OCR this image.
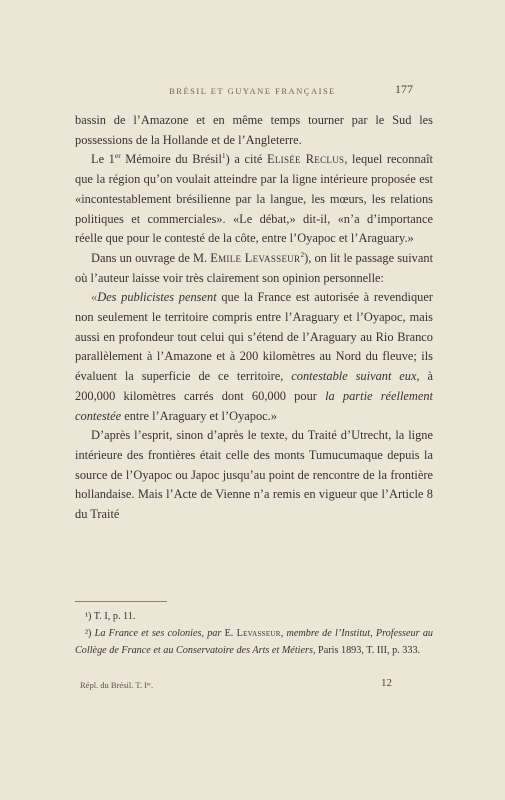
BRÉSIL ET GUYANE FRANÇAISE	177

bassin de l’Amazone et en même temps tourner par le Sud les possessions de la Hollande et de l’Angleterre.

Le 1er Mémoire du Brésil$^1$) a cité Elisée Reclus, lequel reconnaît que la région qu’on voulait atteindre par la ligne intérieure proposée est «incontestablement brésilienne par la langue, les mœurs, les relations politiques et commerciales». «Le débat,» dit-il, «n’a d’importance réelle que pour le contesté de la côte, entre l’Oyapoc et l’Araguary.»

Dans un ouvrage de M. Emile Levasseur$^2$), on lit le passage suivant où l’auteur laisse voir très clairement son opinion personnelle:

«Des publicistes pensent que la France est autorisée à revendiquer non seulement le territoire compris entre l’Araguary et l’Oyapoc, mais aussi en profondeur tout celui qui s’étend de l’Araguary au Rio Branco parallèlement à l’Amazone et à 200 kilomètres au Nord du fleuve; ils évaluent la superficie de ce territoire, contestable suivant eux, à 200,000 kilomètres carrés dont 60,000 pour la partie réellement contestée entre l’Araguary et l’Oyapoc.»

D’après l’esprit, sinon d’après le texte, du Traité d’Utrecht, la ligne intérieure des frontières était celle des monts Tumucumaque depuis la source de l’Oyapoc ou Japoc jusqu’au point de rencontre de la frontière hollandaise. Mais l’Acte de Vienne n’a remis en vigueur que l’Article 8 du Traité

¹) T. I, p. 11.

²) La France et ses colonies, par E. Levasseur, membre de l’Institut, Professeur au Collège de France et au Conservatoire des Arts et Métiers, Paris 1893, T. III, p. 333.

Répl. du Brésil. T. Iᵉʳ.	12
